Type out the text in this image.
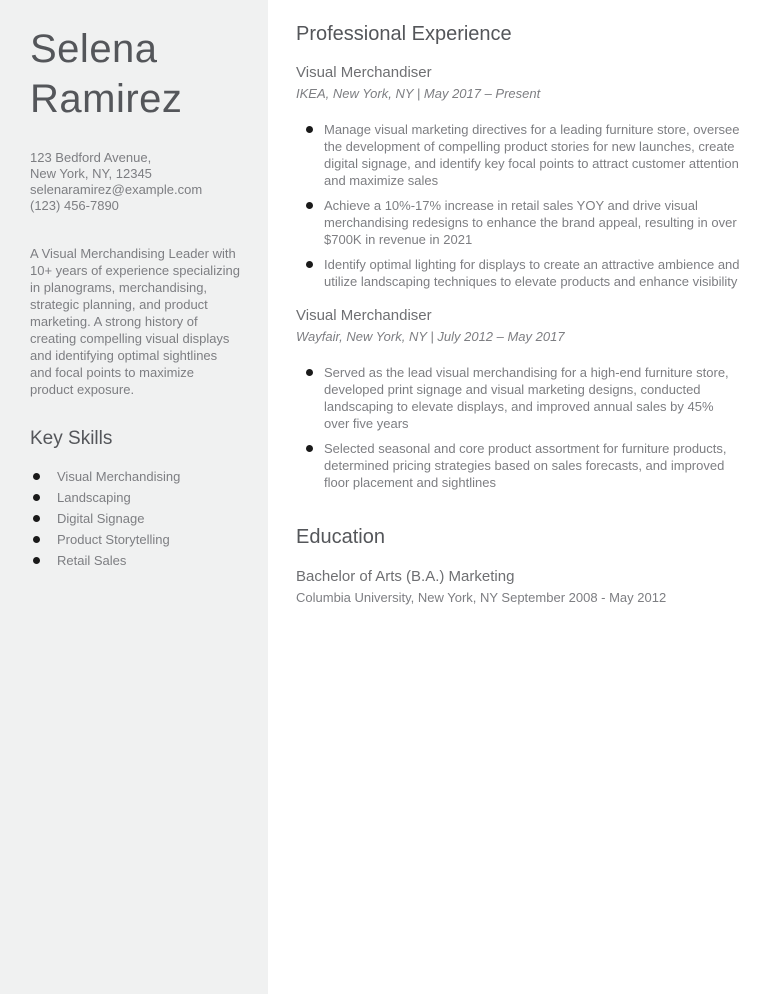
Selena
Ramirez
123 Bedford Avenue,
New York, NY, 12345
selenaramirez@example.com
(123) 456-7890
A Visual Merchandising Leader with 10+ years of experience specializing in planograms, merchandising, strategic planning, and product marketing. A strong history of creating compelling visual displays and identifying optimal sightlines and focal points to maximize product exposure.
Key Skills
Visual Merchandising
Landscaping
Digital Signage
Product Storytelling
Retail Sales
Professional Experience
Visual Merchandiser
IKEA, New York, NY | May 2017 – Present
Manage visual marketing directives for a leading furniture store, oversee the development of compelling product stories for new launches, create digital signage, and identify key focal points to attract customer attention and maximize sales
Achieve a 10%-17% increase in retail sales YOY and drive visual merchandising redesigns to enhance the brand appeal, resulting in over $700K in revenue in 2021
Identify optimal lighting for displays to create an attractive ambience and utilize landscaping techniques to elevate products and enhance visibility
Visual Merchandiser
Wayfair, New York, NY | July 2012 – May 2017
Served as the lead visual merchandising for a high-end furniture store, developed print signage and visual marketing designs, conducted landscaping to elevate displays, and improved annual sales by 45% over five years
Selected seasonal and core product assortment for furniture products, determined pricing strategies based on sales forecasts, and improved floor placement and sightlines
Education
Bachelor of Arts (B.A.) Marketing
Columbia University, New York, NY September 2008 - May 2012
